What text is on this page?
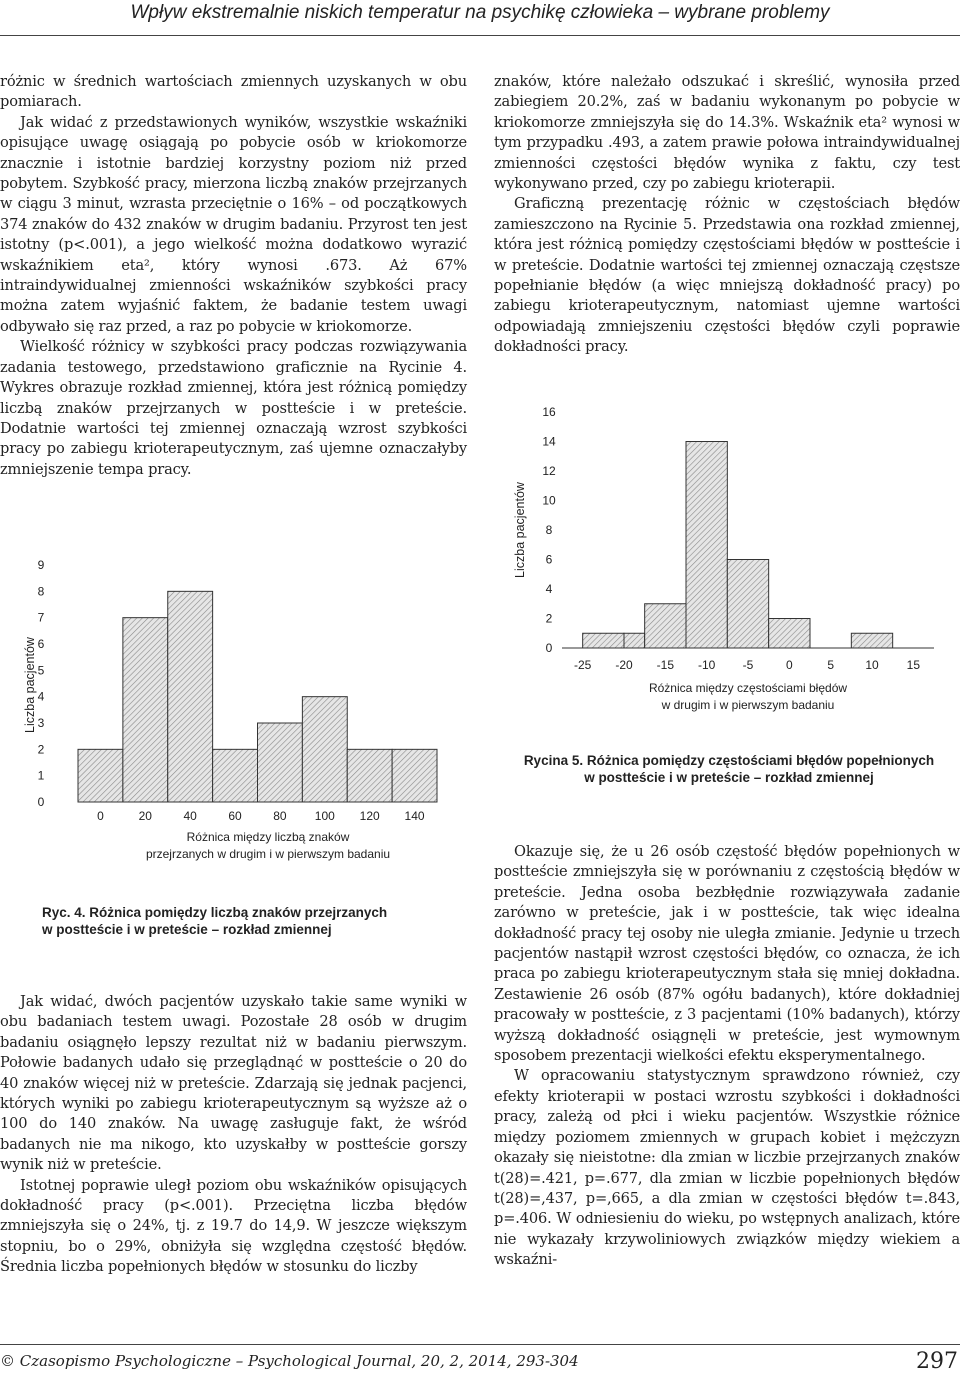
Wpływ ekstremalnie niskich temperatur na psychikę człowieka – wybrane problemy

różnic w średnich wartościach zmiennych uzyskanych w obu pomiarach.

Jak widać z przedstawionych wyników, wszystkie wskaźniki opisujące uwagę osiągają po pobycie osób w kriokomorze znacznie i istotnie bardziej korzystny poziom niż przed pobytem. Szybkość pracy, mierzona liczbą znaków przejrzanych w ciągu 3 minut, wzrasta przeciętnie o 16% – od początkowych 374 znaków do 432 znaków w drugim badaniu. Przyrost ten jest istotny (p<.001), a jego wielkość można dodatkowo wyrazić wskaźnikiem eta², który wynosi .673. Aż 67% intraindywidualnej zmienności wskaźników szybkości pracy można zatem wyjaśnić faktem, że badanie testem uwagi odbywało się raz przed, a raz po pobycie w kriokomorze.

Wielkość różnicy w szybkości pracy podczas rozwiązywania zadania testowego, przedstawiono graficznie na Rycinie 4. Wykres obrazuje rozkład zmiennej, która jest różnicą pomiędzy liczbą znaków przejrzanych w postteście i w preteście. Dodatnie wartości tej zmiennej oznaczają wzrost szybkości pracy po zabiegu krioterapeutycznym, zaś ujemne oznaczałyby zmniejszenie tempa pracy.

0
1
2
3
4
5
6
7
8
9
0	20	40	60	80 100 120 140
Różnica między liczbą znaków
przejrzanych w drugim i w pierwszym badaniu
Liczba pacjentów
Ryc. 4. Różnica pomiędzy liczbą znaków przejrzanych
w postteście i w preteście – rozkład zmiennej

Jak widać, dwóch pacjentów uzyskało takie same wyniki w obu badaniach testem uwagi. Pozostałe 28 osób w drugim badaniu osiągnęło lepszy rezultat niż w badaniu pierwszym. Połowie badanych udało się przeglądnąć w postteście o 20 do 40 znaków więcej niż w preteście. Zdarzają się jednak pacjenci, których wyniki po zabiegu krioterapeutycznym są wyższe aż o 100 do 140 znaków. Na uwagę zasługuje fakt, że wśród badanych nie ma nikogo, kto uzyskałby w postteście gorszy wynik niż w preteście.

Istotnej poprawie uległ poziom obu wskaźników opisujących dokładność pracy (p<.001). Przeciętna liczba błędów zmniejszyła się o 24%, tj. z 19.7 do 14,9. W jeszcze większym stopniu, bo o 29%, obniżyła się względna częstość błędów. Średnia liczba popełnionych błędów w stosunku do liczby

znaków, które należało odszukać i skreślić, wynosiła przed zabiegiem 20.2%, zaś w badaniu wykonanym po pobycie w kriokomorze zmniejszyła się do 14.3%. Wskaźnik eta² wynosi w tym przypadku .493, a zatem prawie połowa intraindywidualnej zmienności częstości błędów wynika z faktu, czy test wykonywano przed, czy po zabiegu krioterapii.

Graficzną prezentację różnic w częstościach błędów zamieszczono na Rycinie 5. Przedstawia ona rozkład zmiennej, która jest różnicą pomiędzy częstościami błędów w postteście i w preteście. Dodatnie wartości tej zmiennej oznaczają częstsze popełnianie błędów (a więc mniejszą dokładność pracy) po zabiegu krioterapeutycznym, natomiast ujemne wartości odpowiadają zmniejszeniu częstości błędów czyli poprawie dokładności pracy.

0
2
4
6
8
10
12
14
16
-25 -20 -15 -10 -5	0	5	10 15
Różnica między częstościami błędów
w drugim i w pierwszym badaniu
Liczba pacjentów
Rycina 5. Różnica pomiędzy częstościami błędów popełnionych
w postteście i w preteście – rozkład zmiennej

Okazuje się, że u 26 osób częstość błędów popełnionych w postteście zmniejszyła się w porównaniu z częstością błędów w preteście. Jedna osoba bezbłędnie rozwiązywała zadanie zarówno w preteście, jak i w postteście, tak więc idealna dokładność pracy tej osoby nie uległa zmianie. Jedynie u trzech pacjentów nastąpił wzrost częstości błędów, co oznacza, że ich praca po zabiegu krioterapeutycznym stała się mniej dokładna. Zestawienie 26 osób (87% ogółu badanych), które dokładniej pracowały w postteście, z 3 pacjentami (10% badanych), którzy wyższą dokładność osiągnęli w preteście, jest wymownym sposobem prezentacji wielkości efektu eksperymentalnego.

W opracowaniu statystycznym sprawdzono również, czy efekty krioterapii w postaci wzrostu szybkości i dokładności pracy, zależą od płci i wieku pacjentów. Wszystkie różnice między poziomem zmiennych w grupach kobiet i mężczyzn okazały się nieistotne: dla zmian w liczbie przejrzanych znaków t(28)=.421, p=.677, dla zmian w liczbie popełnionych błędów t(28)=,437, p=,665, a dla zmian w częstości błędów t=.843, p=.406. W odniesieniu do wieku, po wstępnych analizach, które nie wykazały krzywoliniowych związków między wiekiem a wskaźni-

© Czasopismo Psychologiczne – Psychological Journal, 20, 2, 2014, 293-304	297
